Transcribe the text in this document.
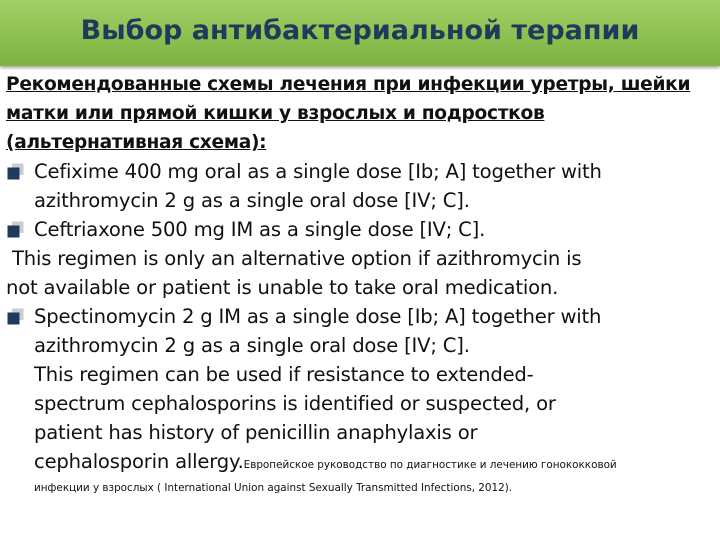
Выбор антибактериальной терапии

Рекомендованные схемы лечения при инфекции уретры, шейки матки или прямой кишки у взрослых и подростков (альтернативная схема):

Cefixime 400 mg oral as a single dose [Ib; A] together with

azithromycin 2 g as a single oral dose [IV; C].

Ceftriaxone 500 mg IM as a single dose [IV; C].

This regimen is only an alternative option if azithromycin is

not available or patient is unable to take oral medication.

Spectinomycin 2 g IM as a single dose [Ib; A] together with

azithromycin 2 g as a single oral dose [IV; C].

This regimen can be used if resistance to extended-

spectrum cephalosporins is identified or suspected, or

patient has history of penicillin anaphylaxis or

cephalosporin allergy.Европейское руководство по диагностике и лечению гонококковой

инфекции у взрослых ( International Union against Sexually Transmitted Infections, 2012).
